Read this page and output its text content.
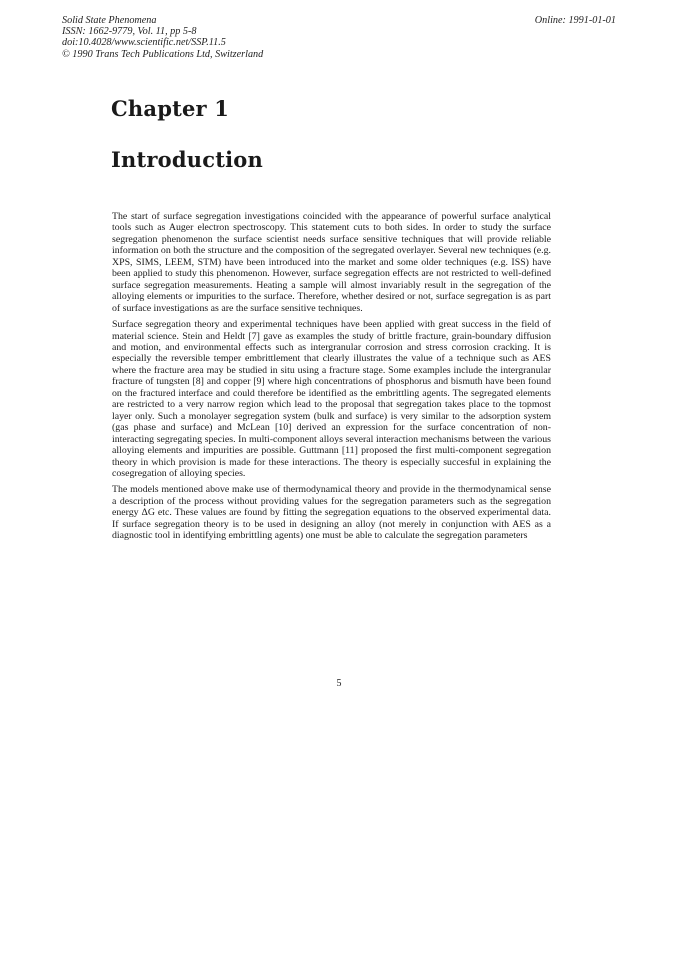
Solid State Phenomena
ISSN: 1662-9779, Vol. 11, pp 5-8
doi:10.4028/www.scientific.net/SSP.11.5
© 1990 Trans Tech Publications Ltd, Switzerland
Online: 1991-01-01
Chapter 1
Introduction

The start of surface segregation investigations coincided with the appearance of powerful surface analytical tools such as Auger electron spectroscopy. This statement cuts to both sides. In order to study the surface segregation phenomenon the surface scientist needs surface sensitive techniques that will provide reliable information on both the structure and the composition of the segregated overlayer. Several new techniques (e.g. XPS, SIMS, LEEM, STM) have been introduced into the market and some older techniques (e.g. ISS) have been applied to study this phenomenon. However, surface segregation effects are not restricted to well-defined surface segregation measurements. Heating a sample will almost invariably result in the segregation of the alloying elements or impurities to the surface. Therefore, whether desired or not, surface segregation is as part of surface investigations as are the surface sensitive techniques.

Surface segregation theory and experimental techniques have been applied with great success in the field of material science. Stein and Heldt [7] gave as examples the study of brittle fracture, grain-boundary diffusion and motion, and environmental effects such as intergranular corrosion and stress corrosion cracking. It is especially the reversible temper embrittlement that clearly illustrates the value of a technique such as AES where the fracture area may be studied in situ using a fracture stage. Some examples include the intergranular fracture of tungsten [8] and copper [9] where high concentrations of phosphorus and bismuth have been found on the fractured interface and could therefore be identified as the embrittling agents. The segregated elements are restricted to a very narrow region which lead to the proposal that segregation takes place to the topmost layer only. Such a monolayer segregation system (bulk and surface) is very similar to the adsorption system (gas phase and surface) and McLean [10] derived an expression for the surface concentration of non-interacting segregating species. In multi-component alloys several interaction mechanisms between the various alloying elements and impurities are possible. Guttmann [11] proposed the first multi-component segregation theory in which provision is made for these interactions. The theory is especially succesful in explaining the cosegregation of alloying species.

The models mentioned above make use of thermodynamical theory and provide in the thermodynamical sense a description of the process without providing values for the segregation parameters such as the segregation energy ΔG etc. These values are found by fitting the segregation equations to the observed experimental data. If surface segregation theory is to be used in designing an alloy (not merely in conjunction with AES as a diagnostic tool in identifying embrittling agents) one must be able to calculate the segregation parameters

5
